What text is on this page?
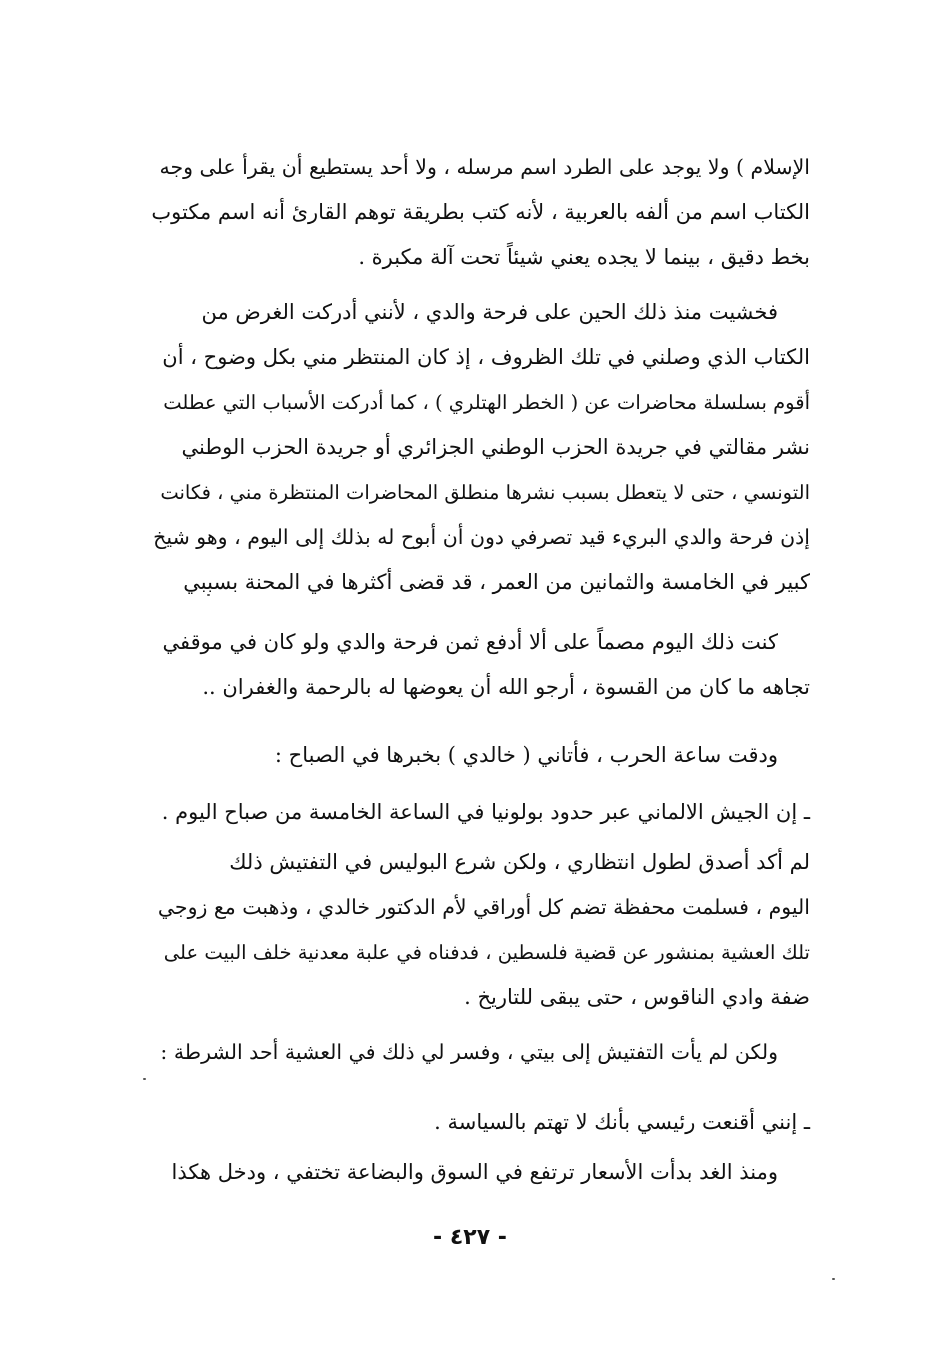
الإسلام ) ولا يوجد على الطرد اسم مرسله ، ولا أحد يستطيع أن يقرأ على وجه
الكتاب اسم من ألفه بالعربية ، لأنه كتب بطريقة توهم القارئ أنه اسم مكتوب
بخط دقيق ، بينما لا يجده يعني شيئاً تحت آلة مكبرة .
فخشيت منذ ذلك الحين على فرحة والدي ، لأنني أدركت الغرض من
الكتاب الذي وصلني في تلك الظروف ، إذ كان المنتظر مني بكل وضوح ، أن
أقوم بسلسلة محاضرات عن ( الخطر الهتلري ) ، كما أدركت الأسباب التي عطلت
نشر مقالتي في جريدة الحزب الوطني الجزائري أو جريدة الحزب الوطني
التونسي ، حتى لا يتعطل بسبب نشرها منطلق المحاضرات المنتظرة مني ، فكانت
إذن فرحة والدي البريء قيد تصرفي دون أن أبوح له بذلك إلى اليوم ، وهو شيخ
كبير في الخامسة والثمانين من العمر ، قد قضى أكثرها في المحنة بسببي
كنت ذلك اليوم مصماً على ألا أدفع ثمن فرحة والدي ولو كان في موقفي
تجاهه ما كان من القسوة ، أرجو الله أن يعوضها له بالرحمة والغفران ..
ودقت ساعة الحرب ، فأتاني ( خالدي ) بخبرها في الصباح :
ـ إن الجيش الالماني عبر حدود بولونيا في الساعة الخامسة من صباح اليوم .
لم أكد أصدق لطول انتظاري ، ولكن شرع البوليس في التفتيش ذلك
اليوم ، فسلمت محفظة تضم كل أوراقي لأم الدكتور خالدي ، وذهبت مع زوجي
تلك العشية بمنشور عن قضية فلسطين ، فدفناه في علبة معدنية خلف البيت على
ضفة وادي الناقوس ، حتى يبقى للتاريخ .
ولكن لم يأت التفتيش إلى بيتي ، وفسر لي ذلك في العشية أحد الشرطة :
ـ إنني أقنعت رئيسي بأنك لا تهتم بالسياسة .
ومنذ الغد بدأت الأسعار ترتفع في السوق والبضاعة تختفي ، ودخل هكذا
- ٤٢٧ -
